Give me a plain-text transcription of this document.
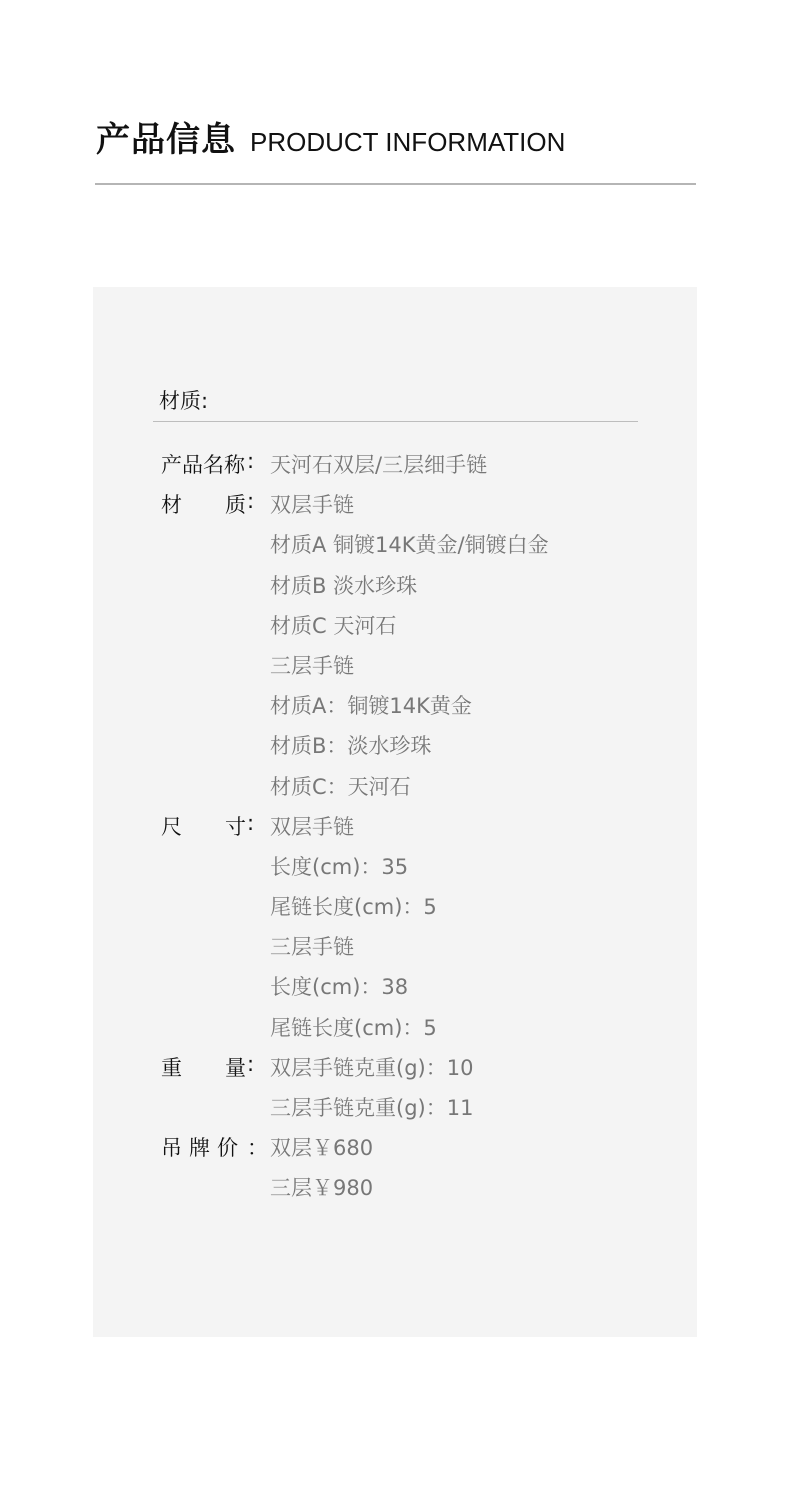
产品信息 PRODUCT INFORMATION
材质:
产品名称 : 天河石双层/三层细手链
材 质 : 双层手链
材质A 铜镀14K黄金/铜镀白金
材质B 淡水珍珠
材质C 天河石
三层手链
材质A：铜镀14K黄金
材质B：淡水珍珠
材质C：天河石
尺 寸 : 双层手链
长度(cm)：35
尾链长度(cm)：5
三层手链
长度(cm)：38
尾链长度(cm)：5
重 量 : 双层手链克重(g)：10
三层手链克重(g)：11
吊 牌 价 ： 双层￥680
三层￥980
